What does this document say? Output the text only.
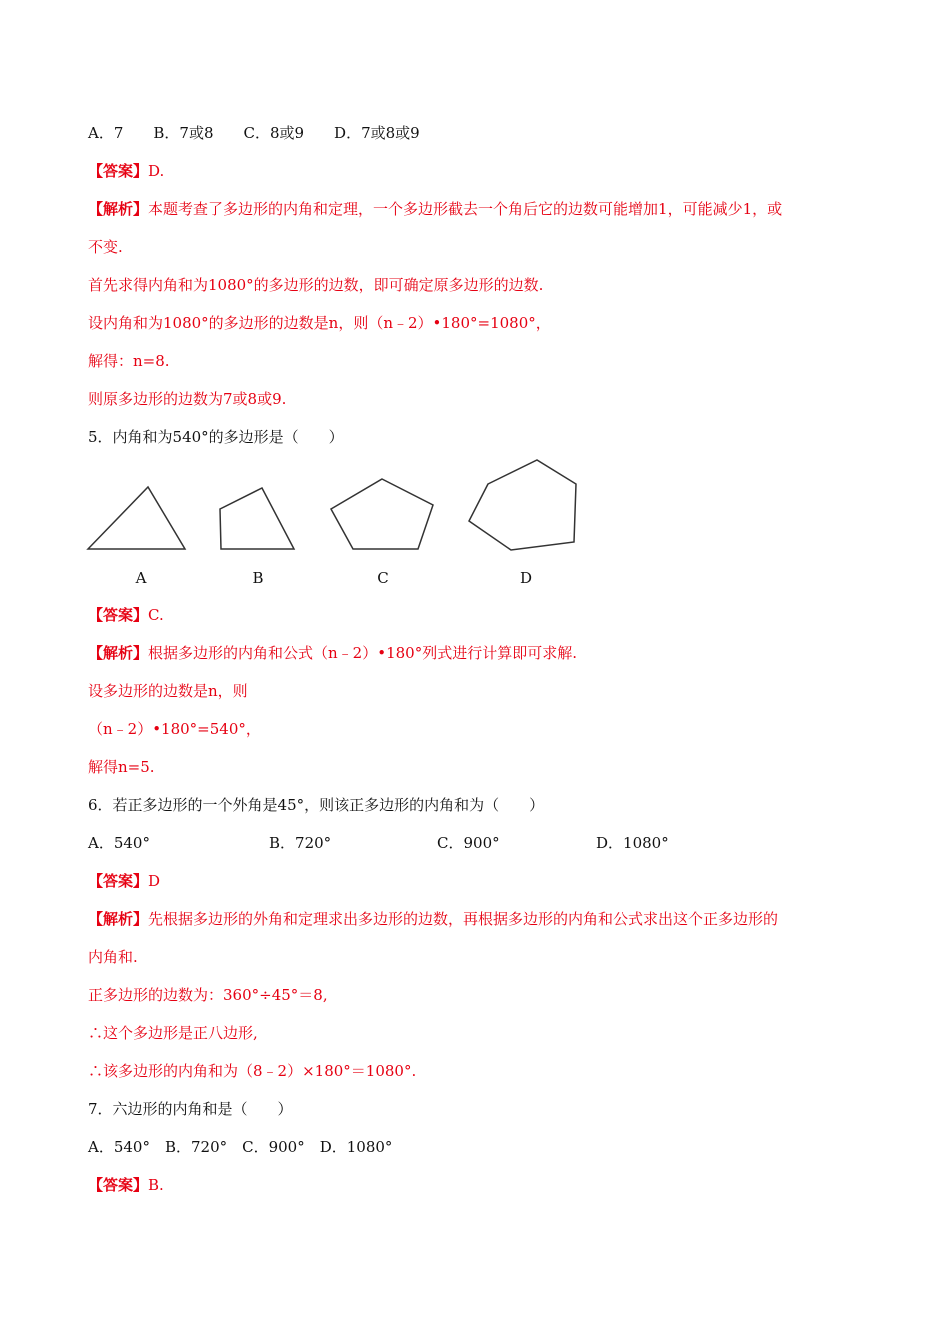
A．7　　B．7或8　　C．8或9　　D．7或8或9
【答案】D.
【解析】本题考查了多边形的内角和定理，一个多边形截去一个角后它的边数可能增加1，可能减少1，或
不变.
首先求得内角和为1080°的多边形的边数，即可确定原多边形的边数.
设内角和为1080°的多边形的边数是n，则（n﹣2）•180°=1080°，
解得：n=8.
则原多边形的边数为7或8或9.
5．内角和为540°的多边形是（　　）
A	B	C	D
【答案】C.
【解析】根据多边形的内角和公式（n﹣2）•180°列式进行计算即可求解.
设多边形的边数是n，则
（n﹣2）•180°=540°，
解得n=5.
6．若正多边形的一个外角是45°，则该正多边形的内角和为（　　）
A．540°	B．720°	C．900°	D．1080°
【答案】D
【解析】先根据多边形的外角和定理求出多边形的边数，再根据多边形的内角和公式求出这个正多边形的
内角和.
正多边形的边数为：360°÷45°＝8,
∴这个多边形是正八边形,
∴该多边形的内角和为（8﹣2）×180°＝1080°.
7．六边形的内角和是（　　）
A．540°　B．720°　C．900°　D．1080°
【答案】B.
